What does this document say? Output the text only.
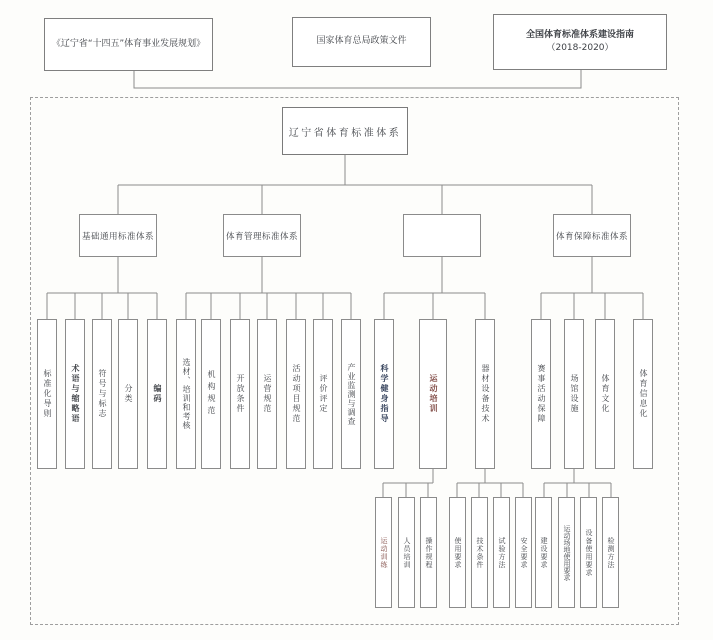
《辽宁省“十四五”体育事业发展规划》	国家体育总局政策文件
全国体育标准体系建设指南
（2018-2020）
辽宁省体育标准体系
基础通用标准体系	体育管理标准体系	体育保障标准体系
标准化导则	术语与缩略语	符号与标志	分类	编码	选材、培训和考核	机构规范	开放条件	运营规范	活动项目规范	评价评定	产业监测与调查	科学健身指导	运动培训	器材设备技术	赛事活动保障	场馆设施	体育文化	体育信息化
运动训练	人员培训	操作规程	使用要求	技术条件	试验方法	安全要求	建设要求	运动场地使用要求	设备使用要求	检测方法
